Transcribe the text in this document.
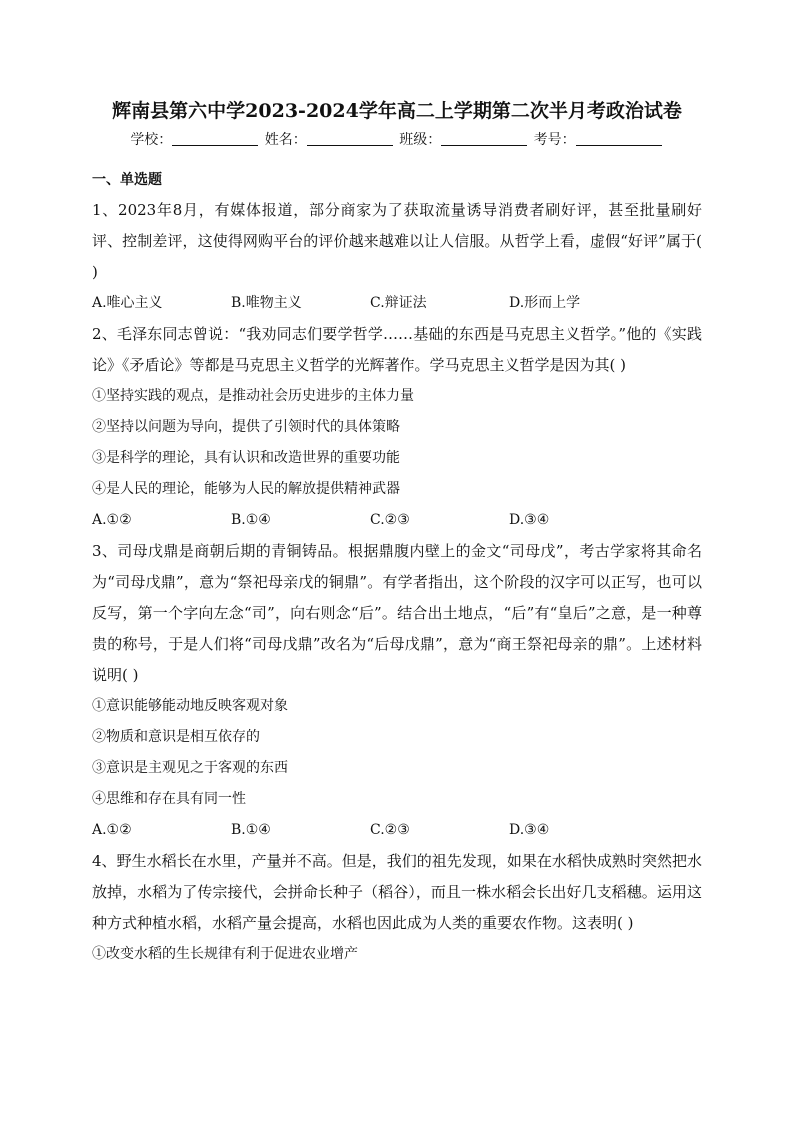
辉南县第六中学2023-2024学年高二上学期第二次半月考政治试卷
学校：	姓名：	班级：	考号：
一、单选题

1、2023年8月，有媒体报道，部分商家为了获取流量诱导消费者刷好评，甚至批量刷好评、控制差评，这使得网购平台的评价越来越难以让人信服。从哲学上看，虚假“好评”属于( )

A.唯心主义	B.唯物主义	C.辩证法	D.形而上学

2、毛泽东同志曾说：“我劝同志们要学哲学……基础的东西是马克思主义哲学。”他的《实践论》《矛盾论》等都是马克思主义哲学的光辉著作。学马克思主义哲学是因为其( )

①坚持实践的观点，是推动社会历史进步的主体力量

②坚持以问题为导向，提供了引领时代的具体策略

③是科学的理论，具有认识和改造世界的重要功能

④是人民的理论，能够为人民的解放提供精神武器

A.①②	B.①④	C.②③	D.③④

3、司母戊鼎是商朝后期的青铜铸品。根据鼎腹内壁上的金文“司母戊”，考古学家将其命名为“司母戊鼎”，意为“祭祀母亲戊的铜鼎”。有学者指出，这个阶段的汉字可以正写，也可以反写，第一个字向左念“司”，向右则念“后”。结合出土地点，“后”有“皇后”之意，是一种尊贵的称号，于是人们将“司母戊鼎”改名为“后母戊鼎”，意为“商王祭祀母亲的鼎”。上述材料说明( )

①意识能够能动地反映客观对象

②物质和意识是相互依存的

③意识是主观见之于客观的东西

④思维和存在具有同一性

A.①②	B.①④	C.②③	D.③④

4、野生水稻长在水里，产量并不高。但是，我们的祖先发现，如果在水稻快成熟时突然把水放掉，水稻为了传宗接代，会拼命长种子（稻谷），而且一株水稻会长出好几支稻穗。运用这种方式种植水稻，水稻产量会提高，水稻也因此成为人类的重要农作物。这表明( )

①改变水稻的生长规律有利于促进农业增产
